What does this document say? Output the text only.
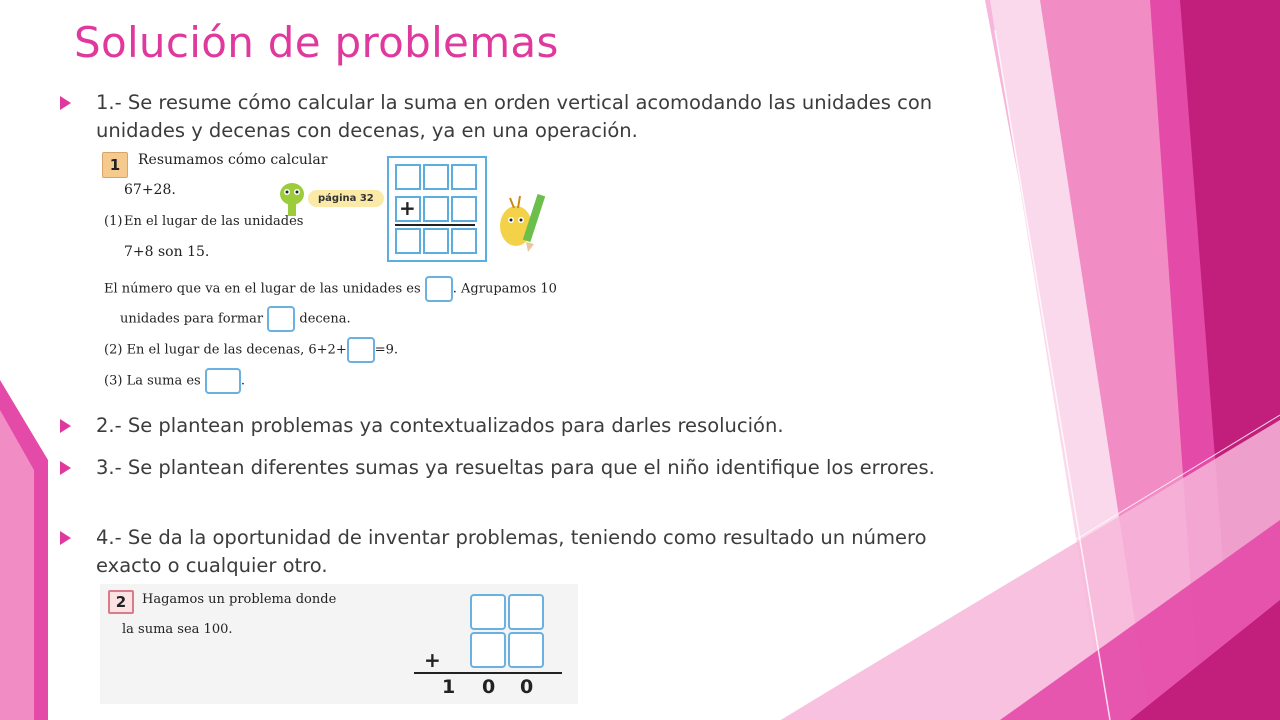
Solución de problemas
1.- Se resume cómo calcular la suma en orden vertical acomodando las unidades con unidades y decenas con decenas, ya en una operación.
1	Resumamos cómo calcular
67+28.
página 32	+
(1) En el lugar de las unidades
7+8 son 15.
El número que va en el lugar de las unidades es . Agrupamos 10
unidades para formar	decena.
(2) En el lugar de las decenas, 6+2+ =9.
(3) La suma es	.
2.- Se plantean problemas ya contextualizados para darles resolución.
3.- Se plantean diferentes sumas ya resueltas para que el niño identifique los errores.
4.- Se da la oportunidad de inventar problemas, teniendo como resultado un número exacto o cualquier otro.
2	Hagamos un problema donde
la suma sea 100.
+
1 0 0
